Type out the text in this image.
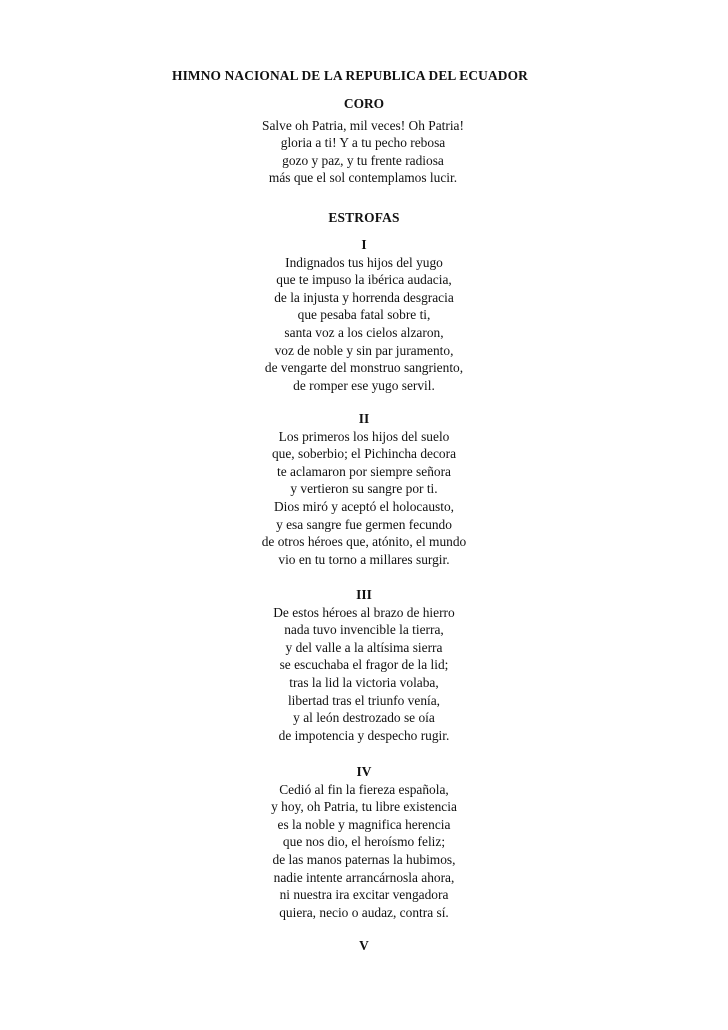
HIMNO NACIONAL DE LA REPUBLICA DEL ECUADOR
CORO
Salve oh Patria, mil veces! Oh Patria!
gloria a ti! Y a tu pecho rebosa
gozo y paz, y tu frente radiosa
más que el sol contemplamos lucir.
ESTROFAS
I
Indignados tus hijos del yugo
que te impuso la ibérica audacia,
de la injusta y horrenda desgracia
que pesaba fatal sobre ti,
santa voz a los cielos alzaron,
voz de noble y sin par juramento,
de vengarte del monstruo sangriento,
de romper ese yugo servil.
II
Los primeros los hijos del suelo
que, soberbio; el Pichincha decora
te aclamaron por siempre señora
y vertieron su sangre por ti.
Dios miró y aceptó el holocausto,
y esa sangre fue germen fecundo
de otros héroes que, atónito, el mundo
vio en tu torno a millares surgir.
III
De estos héroes al brazo de hierro
nada tuvo invencible la tierra,
y del valle a la altísima sierra
se escuchaba el fragor de la lid;
tras la lid la victoria volaba,
libertad tras el triunfo venía,
y al león destrozado se oía
de impotencia y despecho rugir.
IV
Cedió al fin la fiereza española,
y hoy, oh Patria, tu libre existencia
es la noble y magnifica herencia
que nos dio, el heroísmo feliz;
de las manos paternas la hubimos,
nadie intente arrancárnosla ahora,
ni nuestra ira excitar vengadora
quiera, necio o audaz, contra sí.
V
